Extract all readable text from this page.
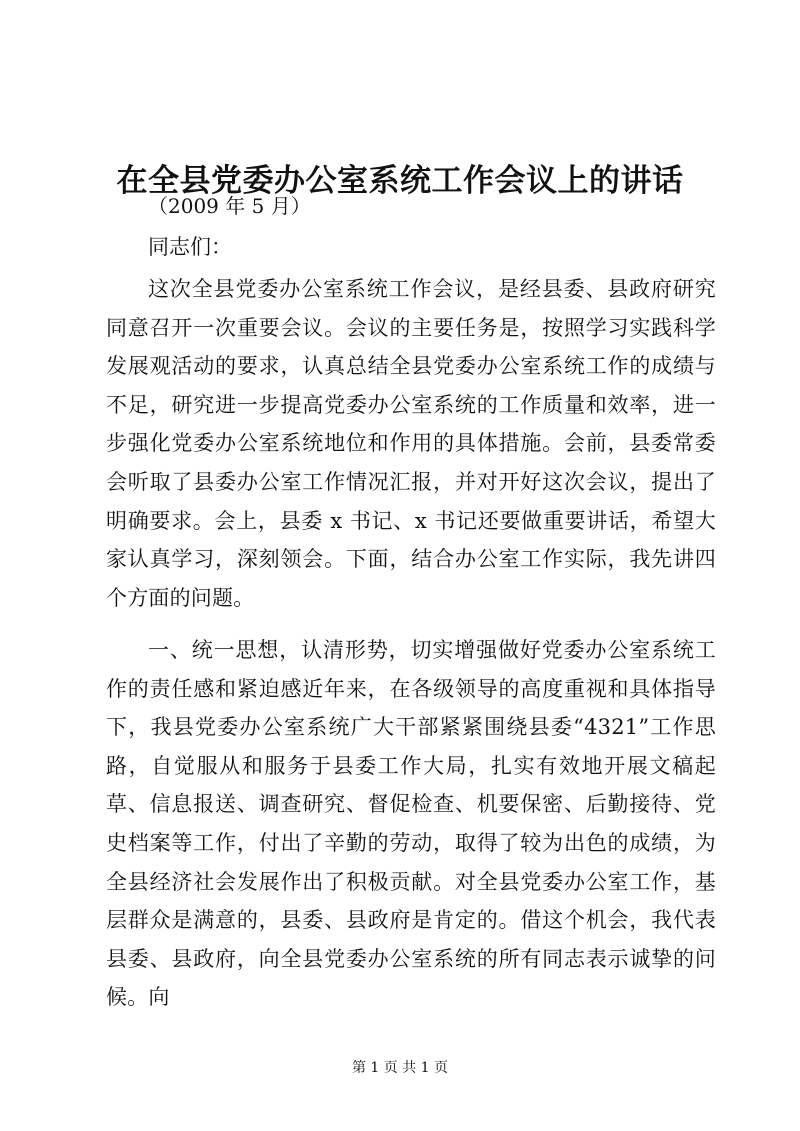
在全县党委办公室系统工作会议上的讲话
（2009 年 5 月）
同志们：

这次全县党委办公室系统工作会议，是经县委、县政府研究同意召开一次重要会议。会议的主要任务是，按照学习实践科学发展观活动的要求，认真总结全县党委办公室系统工作的成绩与不足，研究进一步提高党委办公室系统的工作质量和效率，进一步强化党委办公室系统地位和作用的具体措施。会前，县委常委会听取了县委办公室工作情况汇报，并对开好这次会议，提出了明确要求。会上，县委 x 书记、x 书记还要做重要讲话，希望大家认真学习，深刻领会。下面，结合办公室工作实际，我先讲四个方面的问题。

一、统一思想，认清形势，切实增强做好党委办公室系统工作的责任感和紧迫感近年来，在各级领导的高度重视和具体指导下，我县党委办公室系统广大干部紧紧围绕县委“4321”工作思路，自觉服从和服务于县委工作大局，扎实有效地开展文稿起草、信息报送、调查研究、督促检查、机要保密、后勤接待、党史档案等工作，付出了辛勤的劳动，取得了较为出色的成绩，为全县经济社会发展作出了积极贡献。对全县党委办公室工作，基层群众是满意的，县委、县政府是肯定的。借这个机会，我代表县委、县政府，向全县党委办公室系统的所有同志表示诚挚的问候。向

第 1 页 共 1 页
